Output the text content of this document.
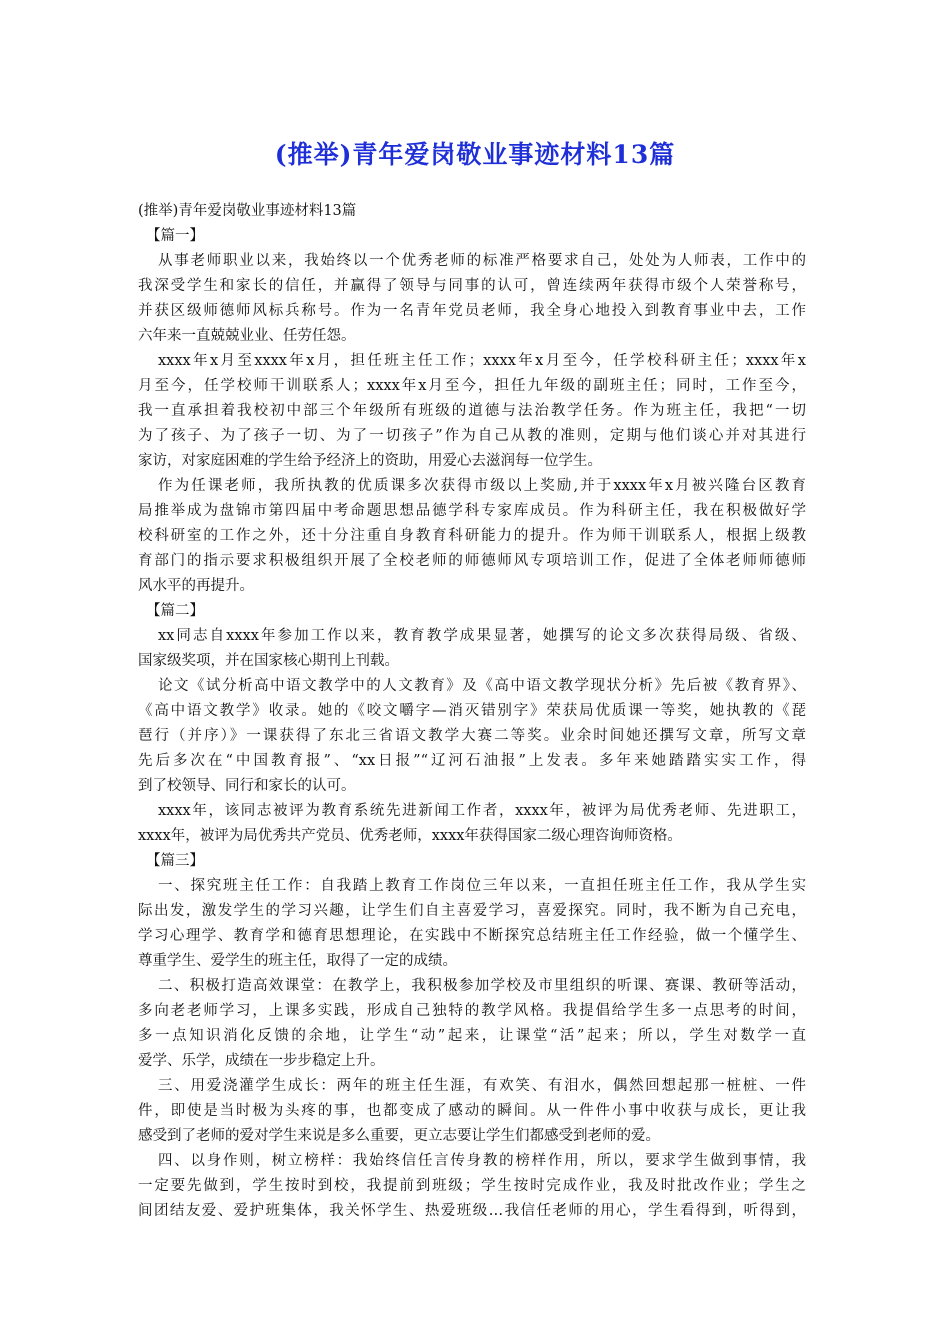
(推举)青年爱岗敬业事迹材料13篇

(推举)青年爱岗敬业事迹材料13篇

【篇一】

从事老师职业以来，我始终以一个优秀老师的标准严格要求自己，处处为人师表，工作中的

我深受学生和家长的信任，并赢得了领导与同事的认可，曾连续两年获得市级个人荣誉称号，

并获区级师德师风标兵称号。作为一名青年党员老师，我全身心地投入到教育事业中去，工作

六年来一直兢兢业业、任劳任怨。

xxxx年x月至xxxx年x月，担任班主任工作；xxxx年x月至今，任学校科研主任；xxxx年x

月至今，任学校师干训联系人；xxxx年x月至今，担任九年级的副班主任；同时，工作至今，

我一直承担着我校初中部三个年级所有班级的道德与法治教学任务。作为班主任，我把“一切

为了孩子、为了孩子一切、为了一切孩子”作为自己从教的准则，定期与他们谈心并对其进行

家访，对家庭困难的学生给予经济上的资助，用爱心去滋润每一位学生。

作为任课老师，我所执教的优质课多次获得市级以上奖励,并于xxxx年x月被兴隆台区教育

局推举成为盘锦市第四届中考命题思想品德学科专家库成员。作为科研主任，我在积极做好学

校科研室的工作之外，还十分注重自身教育科研能力的提升。作为师干训联系人，根据上级教

育部门的指示要求积极组织开展了全校老师的师德师风专项培训工作，促进了全体老师师德师

风水平的再提升。

【篇二】

xx同志自xxxx年参加工作以来，教育教学成果显著，她撰写的论文多次获得局级、省级、

国家级奖项，并在国家核心期刊上刊载。

论文《试分析高中语文教学中的人文教育》及《高中语文教学现状分析》先后被《教育界》、

《高中语文教学》收录。她的《咬文嚼字—消灭错别字》荣获局优质课一等奖，她执教的《琵

琶行（并序）》一课获得了东北三省语文教学大赛二等奖。业余时间她还撰写文章，所写文章

先后多次在“中国教育报”、“xx日报”“辽河石油报”上发表。多年来她踏踏实实工作，得

到了校领导、同行和家长的认可。

xxxx年，该同志被评为教育系统先进新闻工作者，xxxx年，被评为局优秀老师、先进职工，

xxxx年，被评为局优秀共产党员、优秀老师，xxxx年获得国家二级心理咨询师资格。

【篇三】

一、探究班主任工作：自我踏上教育工作岗位三年以来，一直担任班主任工作，我从学生实

际出发，激发学生的学习兴趣，让学生们自主喜爱学习，喜爱探究。同时，我不断为自己充电，

学习心理学、教育学和德育思想理论，在实践中不断探究总结班主任工作经验，做一个懂学生、

尊重学生、爱学生的班主任，取得了一定的成绩。

二、积极打造高效课堂：在教学上，我积极参加学校及市里组织的听课、赛课、教研等活动，

多向老老师学习，上课多实践，形成自己独特的教学风格。我提倡给学生多一点思考的时间，

多一点知识消化反馈的余地，让学生“动”起来，让课堂“活”起来；所以，学生对数学一直

爱学、乐学，成绩在一步步稳定上升。

三、用爱浇灌学生成长：两年的班主任生涯，有欢笑、有泪水，偶然回想起那一桩桩、一件

件，即使是当时极为头疼的事，也都变成了感动的瞬间。从一件件小事中收获与成长，更让我

感受到了老师的爱对学生来说是多么重要，更立志要让学生们都感受到老师的爱。

四、以身作则，树立榜样：我始终信任言传身教的榜样作用，所以，要求学生做到事情，我

一定要先做到，学生按时到校，我提前到班级；学生按时完成作业，我及时批改作业；学生之

间团结友爱、爱护班集体，我关怀学生、热爱班级…我信任老师的用心，学生看得到，听得到，
